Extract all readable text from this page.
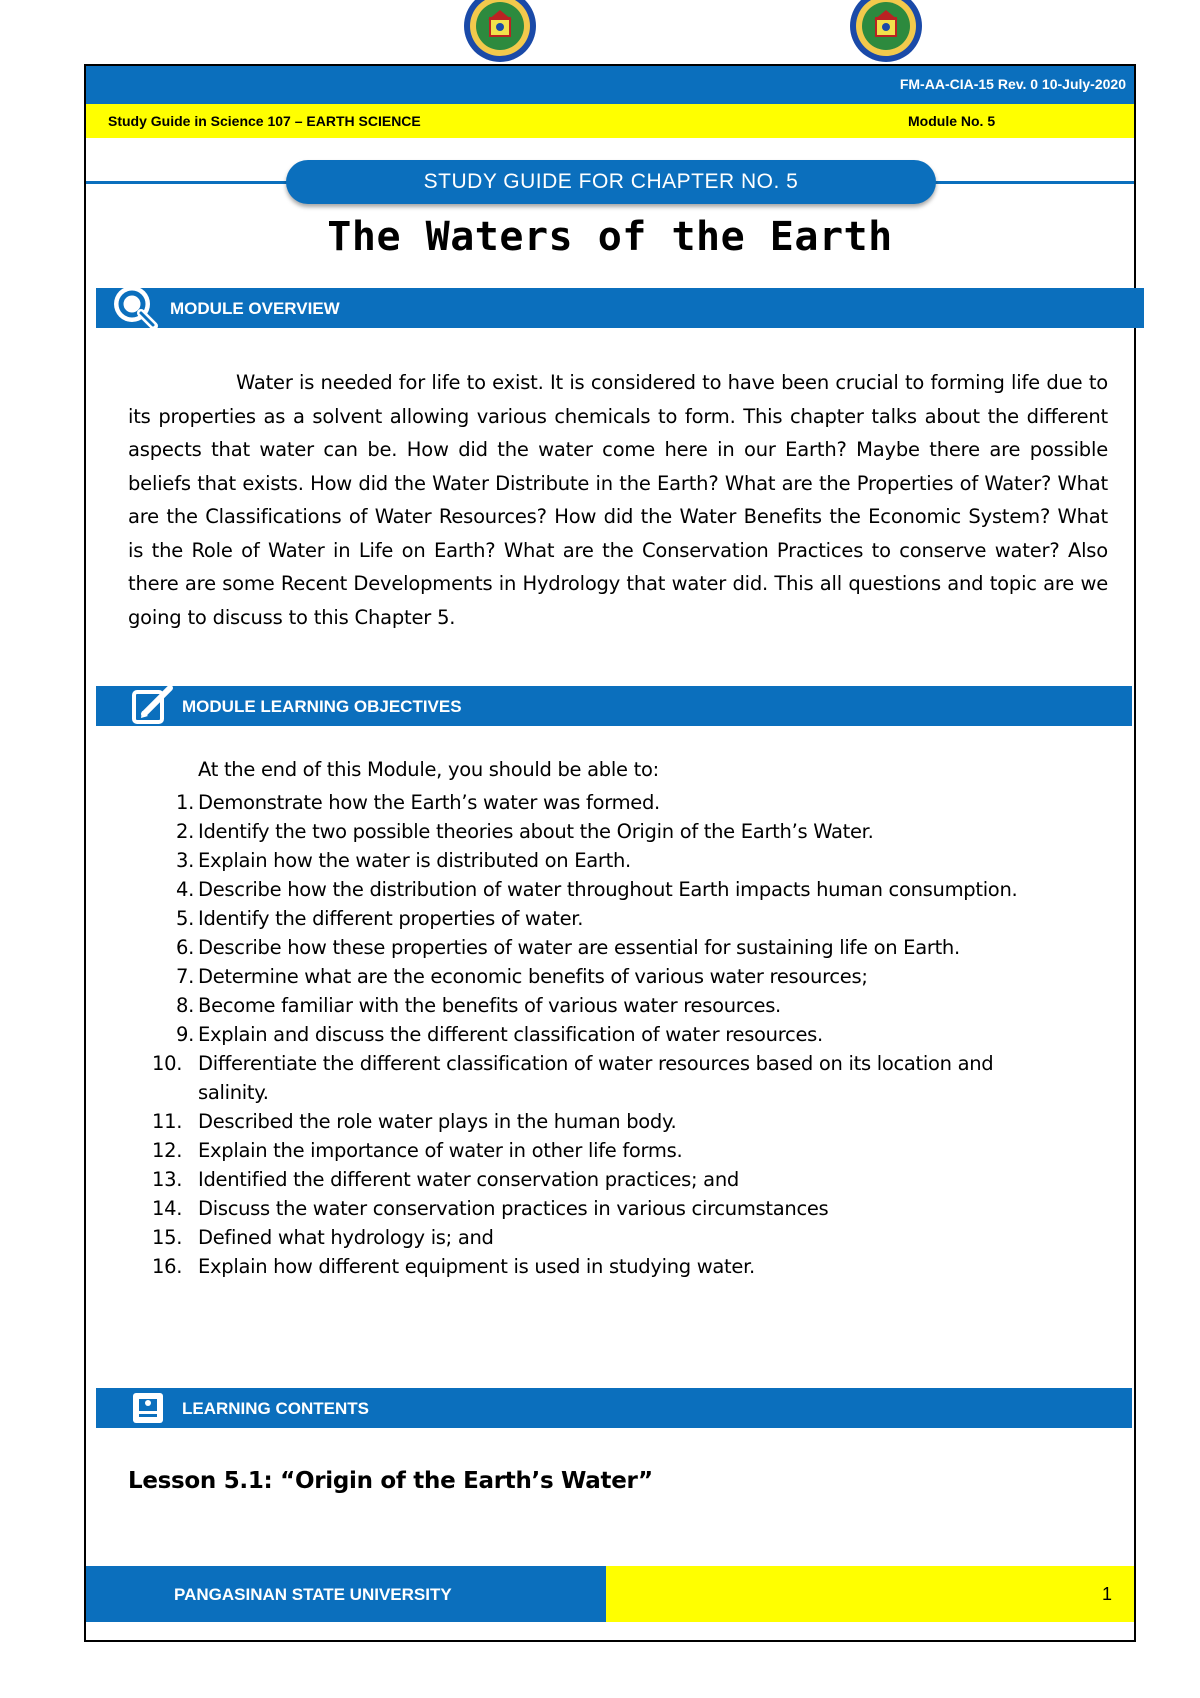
FM-AA-CIA-15 Rev. 0 10-July-2020
Study Guide in Science 107 – EARTH SCIENCE	Module No. 5
STUDY GUIDE FOR CHAPTER NO. 5
The Waters of the Earth
MODULE OVERVIEW

Water is needed for life to exist. It is considered to have been crucial to forming life due to its properties as a solvent allowing various chemicals to form. This chapter talks about the different aspects that water can be. How did the water come here in our Earth? Maybe there are possible beliefs that exists. How did the Water Distribute in the Earth? What are the Properties of Water? What are the Classifications of Water Resources? How did the Water Benefits the Economic System? What is the Role of Water in Life on Earth? What are the Conservation Practices to conserve water? Also there are some Recent Developments in Hydrology that water did. This all questions and topic are we going to discuss to this Chapter 5.

MODULE LEARNING OBJECTIVES
At the end of this Module, you should be able to:
1. Demonstrate how the Earth’s water was formed.
2. Identify the two possible theories about the Origin of the Earth’s Water.
3. Explain how the water is distributed on Earth.
4. Describe how the distribution of water throughout Earth impacts human consumption.
5. Identify the different properties of water.
6. Describe how these properties of water are essential for sustaining life on Earth.
7. Determine what are the economic benefits of various water resources;
8. Become familiar with the benefits of various water resources.
9. Explain and discuss the different classification of water resources.
10. Differentiate the different classification of water resources based on its location and salinity.
11. Described the role water plays in the human body.
12. Explain the importance of water in other life forms.
13. Identified the different water conservation practices; and
14. Discuss the water conservation practices in various circumstances
15. Defined what hydrology is; and
16. Explain how different equipment is used in studying water.
LEARNING CONTENTS
Lesson 5.1: “Origin of the Earth’s Water”
PANGASINAN STATE UNIVERSITY	1
